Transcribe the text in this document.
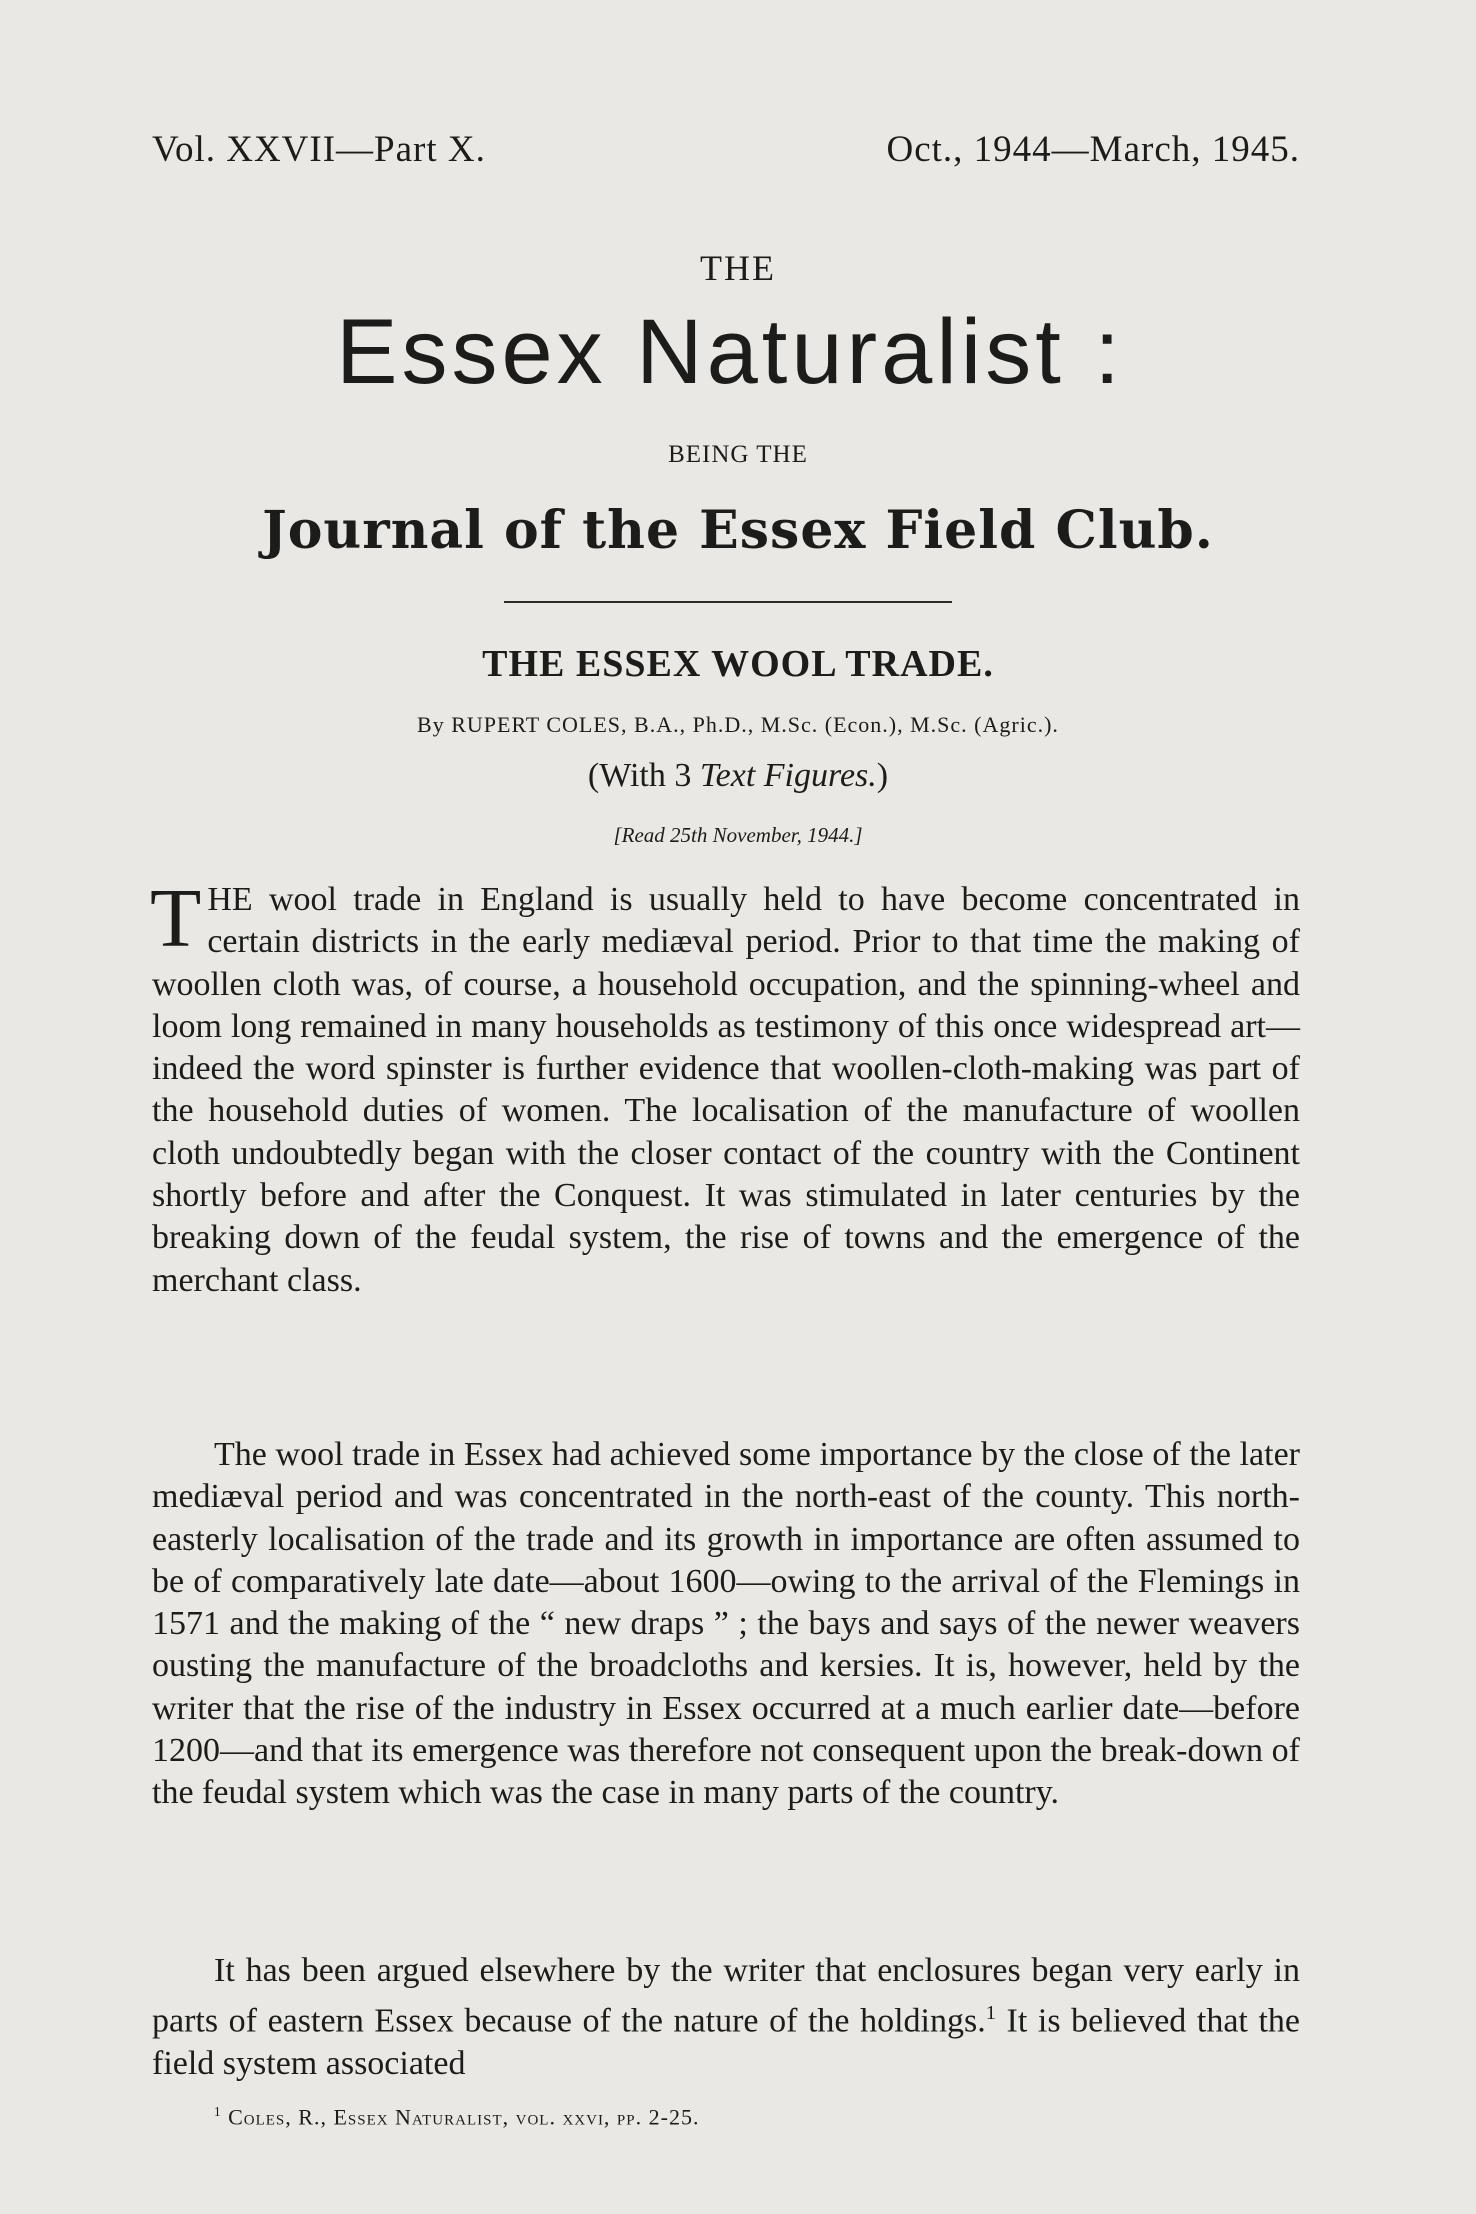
Vol. XXVII—Part X.	Oct., 1944—March, 1945.
THE
Essex Naturalist :
BEING THE
Journal of the Essex Field Club.
THE ESSEX WOOL TRADE.
By RUPERT COLES, B.A., Ph.D., M.Sc. (Econ.), M.Sc. (Agric.).
(With 3 Text Figures.)
[Read 25th November, 1944.]

THE wool trade in England is usually held to have become concentrated in certain districts in the early mediæval period. Prior to that time the making of woollen cloth was, of course, a household occupation, and the spinning-wheel and loom long remained in many households as testimony of this once widespread art—indeed the word spinster is further evidence that woollen-cloth-making was part of the household duties of women. The localisation of the manufacture of woollen cloth undoubtedly began with the closer contact of the country with the Continent shortly before and after the Conquest. It was stimulated in later centuries by the breaking down of the feudal system, the rise of towns and the emergence of the merchant class.

The wool trade in Essex had achieved some importance by the close of the later mediæval period and was concentrated in the north-east of the county. This north-easterly localisation of the trade and its growth in importance are often assumed to be of comparatively late date—about 1600—owing to the arrival of the Flemings in 1571 and the making of the “ new draps ” ; the bays and says of the newer weavers ousting the manufacture of the broadcloths and kersies. It is, however, held by the writer that the rise of the industry in Essex occurred at a much earlier date—before 1200—and that its emergence was therefore not consequent upon the break-down of the feudal system which was the case in many parts of the country.

It has been argued elsewhere by the writer that enclosures began very early in parts of eastern Essex because of the nature of the holdings.$^1$ It is believed that the field system associated

$^1$ Coles, R., Essex Naturalist, vol. xxvi, pp. 2-25.
